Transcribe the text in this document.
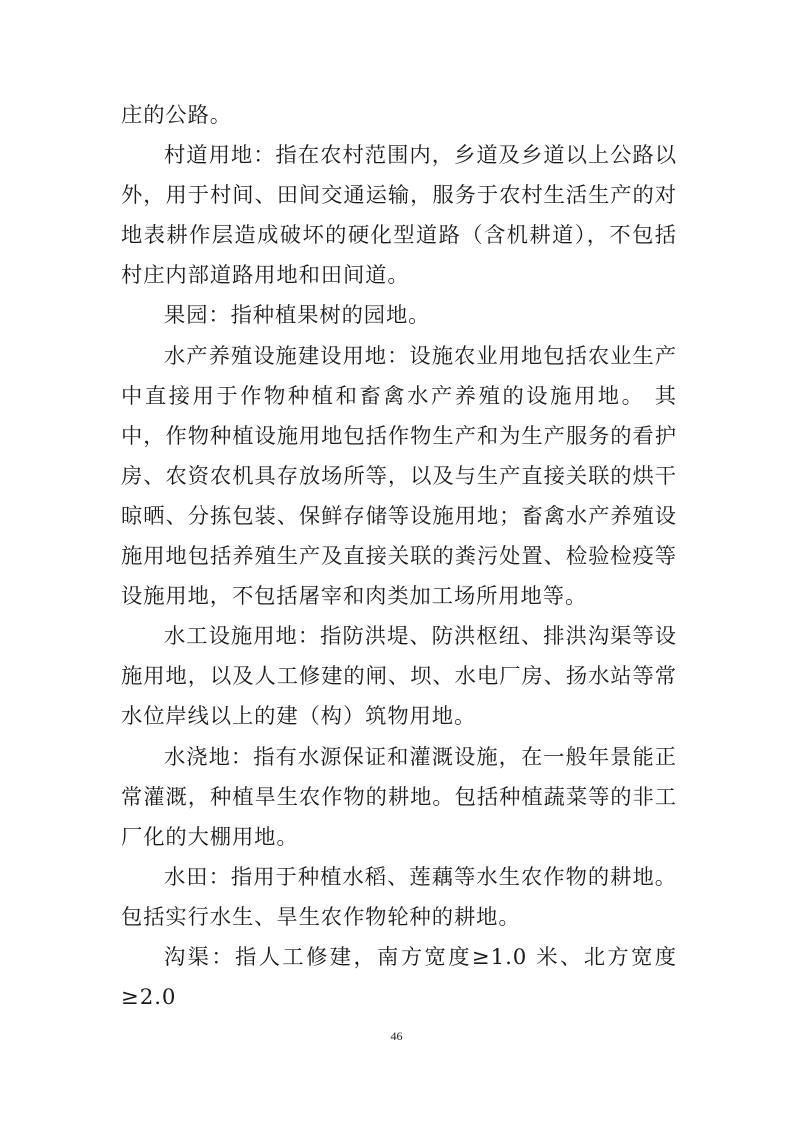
庄的公路。

村道用地：指在农村范围内，乡道及乡道以上公路以外，用于村间、田间交通运输，服务于农村生活生产的对地表耕作层造成破坏的硬化型道路（含机耕道），不包括村庄内部道路用地和田间道。

果园：指种植果树的园地。

水产养殖设施建设用地：设施农业用地包括农业生产中直接用于作物种植和畜禽水产养殖的设施用地。 其中，作物种植设施用地包括作物生产和为生产服务的看护房、农资农机具存放场所等，以及与生产直接关联的烘干晾晒、分拣包装、保鲜存储等设施用地；畜禽水产养殖设施用地包括养殖生产及直接关联的粪污处置、检验检疫等设施用地，不包括屠宰和肉类加工场所用地等。

水工设施用地：指防洪堤、防洪枢纽、排洪沟渠等设施用地，以及人工修建的闸、坝、水电厂房、扬水站等常水位岸线以上的建（构）筑物用地。

水浇地：指有水源保证和灌溉设施，在一般年景能正常灌溉，种植旱生农作物的耕地。包括种植蔬菜等的非工厂化的大棚用地。

水田：指用于种植水稻、莲藕等水生农作物的耕地。包括实行水生、旱生农作物轮种的耕地。

沟渠：指人工修建，南方宽度≥1.0 米、北方宽度≥2.0

46
